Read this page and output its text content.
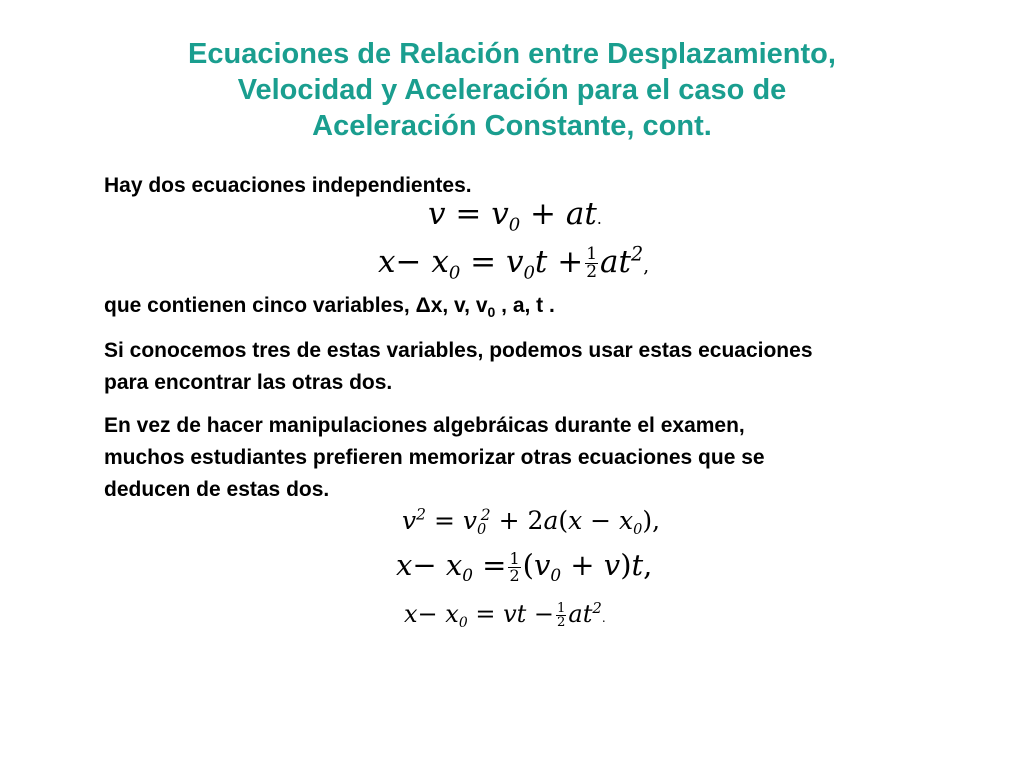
Ecuaciones de Relación entre Desplazamiento,
Velocidad y Aceleración para el caso de
Aceleración Constante, cont.
Hay dos ecuaciones independientes.
$v = v_0$ + at.
$x- x_0 = v_0t + \frac{1}{2} at^2$,
que contienen cinco variables, Δx, v, $v_0$ , a, t .
Si conocemos tres de estas variables, podemos usar estas ecuaciones
para encontrar las otras dos.
En vez de hacer manipulaciones algebráicas durante el examen,
muchos estudiantes prefieren memorizar otras ecuaciones que se
deducen de estas dos.
$v^2 = v_0^2 + 2a(x - x_0)$,
$x- x_0 = \frac{1}{2} (v_0 + v)t$,
$x- x_0$ = vt − $\frac{1}{2} at^2$.
